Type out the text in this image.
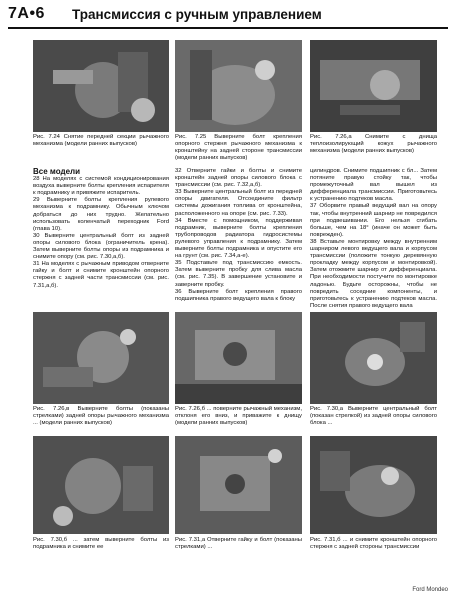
7A•6 Трансмиссия с ручным управлением
Рис. 7.24 Снятие передней секции рычажного механизма (модели ранних выпусков)
Рис. 7.25 Выверните болт крепления опорного стержня рычажного механизма к кронштейну на задней стороне трансмиссии (модели ранних выпусков)
Рис. 7.26,a Снимите с днища теплоизолирующий кожух рычажного механизма (модели ранних выпусков)

Все модели

28 На моделях с системой кондиционирования воздуха выверните болты крепления испарителя к подрамнику и привяжите испаритель.

29 Выверните болты крепления рулевого механизма к подрамнику. Обычным ключом добраться до них трудно. Желательно использовать коленчатый переходник Ford (гпава 10).

30 Выверните центральный болт из задней опоры силового блока (ограничитель крена). Затем выверните болты опоры из подрамника и снимите опору (см. рис. 7.30,а,б).

31 На моделях с рычажным приводом отверните гайку и болт и снимите кронштейн опорного стержня с задней части трансмиссии (см. рис. 7.31,а,б).

32 Отверните гайки и болты и снимите кронштейн задней опоры силового блока с трансмиссии (см. рис. 7.32,а,б).

33 Выверните центральный болт из передней опоры двигателя. Отсоедините фильтр системы дожигания топлива от кронштейна, расположенного на опоре (см. рис. 7.33).

34 Вместе с помощником, поддерживая подрамник, выверните болты крепления трубопроводов радиатора гидросистемы рулевого управления к подрамнику. Затем выверните болты подрамника и опустите его на грунт (см. рис. 7.34,а-е).

35 Подставьте под трансмиссию емкость. Затем выверните пробку для слива масла (см. рис. 7.35). В завершение установите и заверните пробку.

36 Выверните болт крепления правого подшипника правого ведущего вала к блоку

цилиндров. Снимите подшипник с бл... Затем потяните правую стойку так, чтобы промежуточный вал вышел из дифференциала трансмиссии. Приготовьтесь к устранению подтеков масла.

37 Оборвите правый ведущий вал на опору так, чтобы внутренний шарнир не повредился при подвешивании. Его нельзя сгибать больше, чем на 18° (иначе он может быть поврежден).

38 Вставьте монтировку между внутренним шарниром левого ведущего вала и корпусом трансмиссии (положите тонкую деревянную прокладку между корпусом и монтировкой). Затем отожмите шарнир от дифференциала. При необходимости постучите по монтировке ладонью. Будьте осторожны, чтобы не повредить соседние компоненты, и приготовьтесь к устранению подтеков масла. После снятия правого ведущего вала

Рис. 7.26,в Выверните болты (показаны стрелками) задней опоры рычажного механизма ... (модели ранних выпусков)
Рис. 7.26,б ... поверните рычажный механизм, отклоня его вниз, и приважите к днищу (модели ранних выпусков)
Рис. 7.30,а Выверните центральный болт (показан стрелкой) из задней опоры силового блока ...
Рис. 7.30,б ... затем выверните болты из подрамника и снимите ее
Рис. 7.31,а Отверните гайку и болт (показаны стрелками) ...
Рис. 7.31,б ... и снимите кронштейн опорного стержня с задней стороны трансмиссии
Ford Mondeo
